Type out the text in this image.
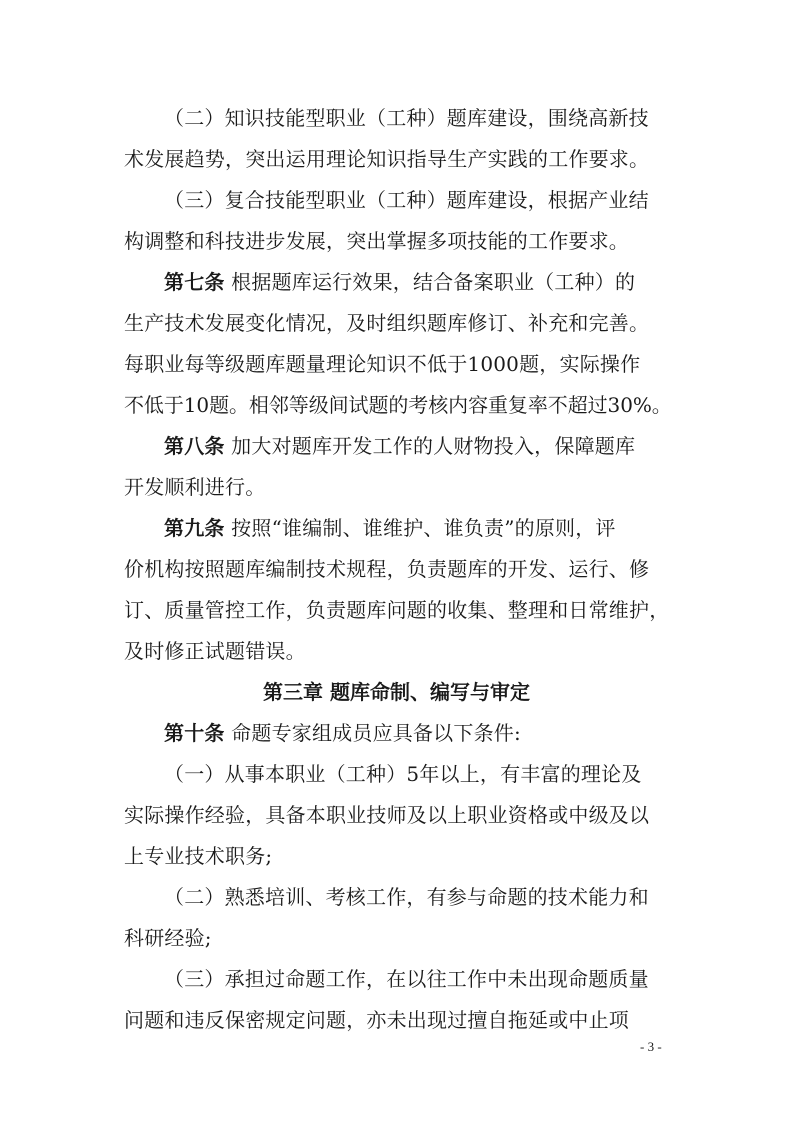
（二）知识技能型职业（工种）题库建设，围绕高新技
术发展趋势，突出运用理论知识指导生产实践的工作要求。
（三）复合技能型职业（工种）题库建设，根据产业结
构调整和科技进步发展，突出掌握多项技能的工作要求。
第七条 根据题库运行效果，结合备案职业（工种）的
生产技术发展变化情况，及时组织题库修订、补充和完善。
每职业每等级题库题量理论知识不低于1000题，实际操作
不低于10题。相邻等级间试题的考核内容重复率不超过30%。
第八条 加大对题库开发工作的人财物投入，保障题库
开发顺利进行。
第九条 按照“谁编制、谁维护、谁负责”的原则，评
价机构按照题库编制技术规程，负责题库的开发、运行、修
订、质量管控工作，负责题库问题的收集、整理和日常维护，
及时修正试题错误。
第三章 题库命制、编写与审定
第十条 命题专家组成员应具备以下条件:
（一）从事本职业（工种）5年以上，有丰富的理论及
实际操作经验，具备本职业技师及以上职业资格或中级及以
上专业技术职务;
（二）熟悉培训、考核工作，有参与命题的技术能力和
科研经验;
（三）承担过命题工作，在以往工作中未出现命题质量
问题和违反保密规定问题，亦未出现过擅自拖延或中止项
- 3 -
